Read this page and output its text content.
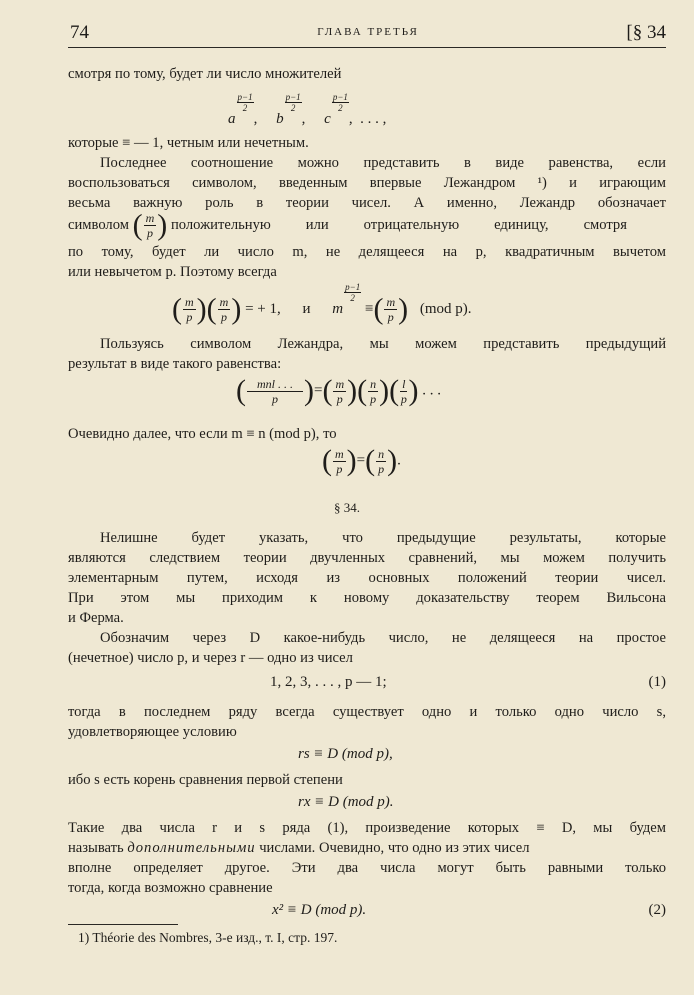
74	ГЛАВА ТРЕТЬЯ	[§ 34
смотря по тому, будет ли число множителей
a
$\frac{p-1}{2}$,     b
$\frac{p-1}{2}$,     c
$\frac{p-1}{2}$,  . . . ,
которые ≡ — 1, четным или нечетным.
Последнее соотношение можно представить в виде равенства, если
воспользоваться символом, введенным впервые Лежандром ¹) и играющим
весьма важную роль в теории чисел. А именно, Лежандр обозначает
символом ( $\frac{m}{p}$ ) положительную или отрицательную единицу, смотря
по тому, будет ли число m, не делящееся на p, квадратичным вычетом
или невычетом p. Поэтому всегда
( $\frac{m}{p}$ )( $\frac{m}{p}$ ) = + 1, и m
$\frac{p-1}{2}$ ≡( $\frac{m}{p}$ ) (mod p).
Пользуясь символом Лежандра, мы можем представить предыдущий
результат в виде такого равенства:
( $\frac{\text{mnl . . .}}{p}$ )=( $\frac{m}{p}$ )( $\frac{n}{p}$ )( $\frac{l}{p}$ ) . . .
Очевидно далее, что если m ≡ n (mod p), то
( $\frac{m}{p}$ )=( $\frac{n}{p}$ ).
§ 34.
Нелишне будет указать, что предыдущие результаты, которые
являются следствием теории двучленных сравнений, мы можем получить
элементарным путем, исходя из основных положений теории чисел.
При этом мы приходим к новому доказательству теорем Вильсона
и Ферма.
Обозначим через D какое-нибудь число, не делящееся на простое
(нечетное) число p, и через r — одно из чисел
1, 2, 3, . . . , p — 1;	(1)
тогда в последнем ряду всегда существует одно и только одно число s,
удовлетворяющее условию
rs ≡ D (mod p),
ибо s есть корень сравнения первой степени
rx ≡ D (mod p).
Такие два числа r и s ряда (1), произведение которых ≡ D, мы будем
называть дополнительными числами. Очевидно, что одно из этих чисел
вполне определяет другое. Эти два числа могут быть равными только
тогда, когда возможно сравнение
x² ≡ D (mod p).	(2)
1) Théorie des Nombres, 3-е изд., т. I, стр. 197.
